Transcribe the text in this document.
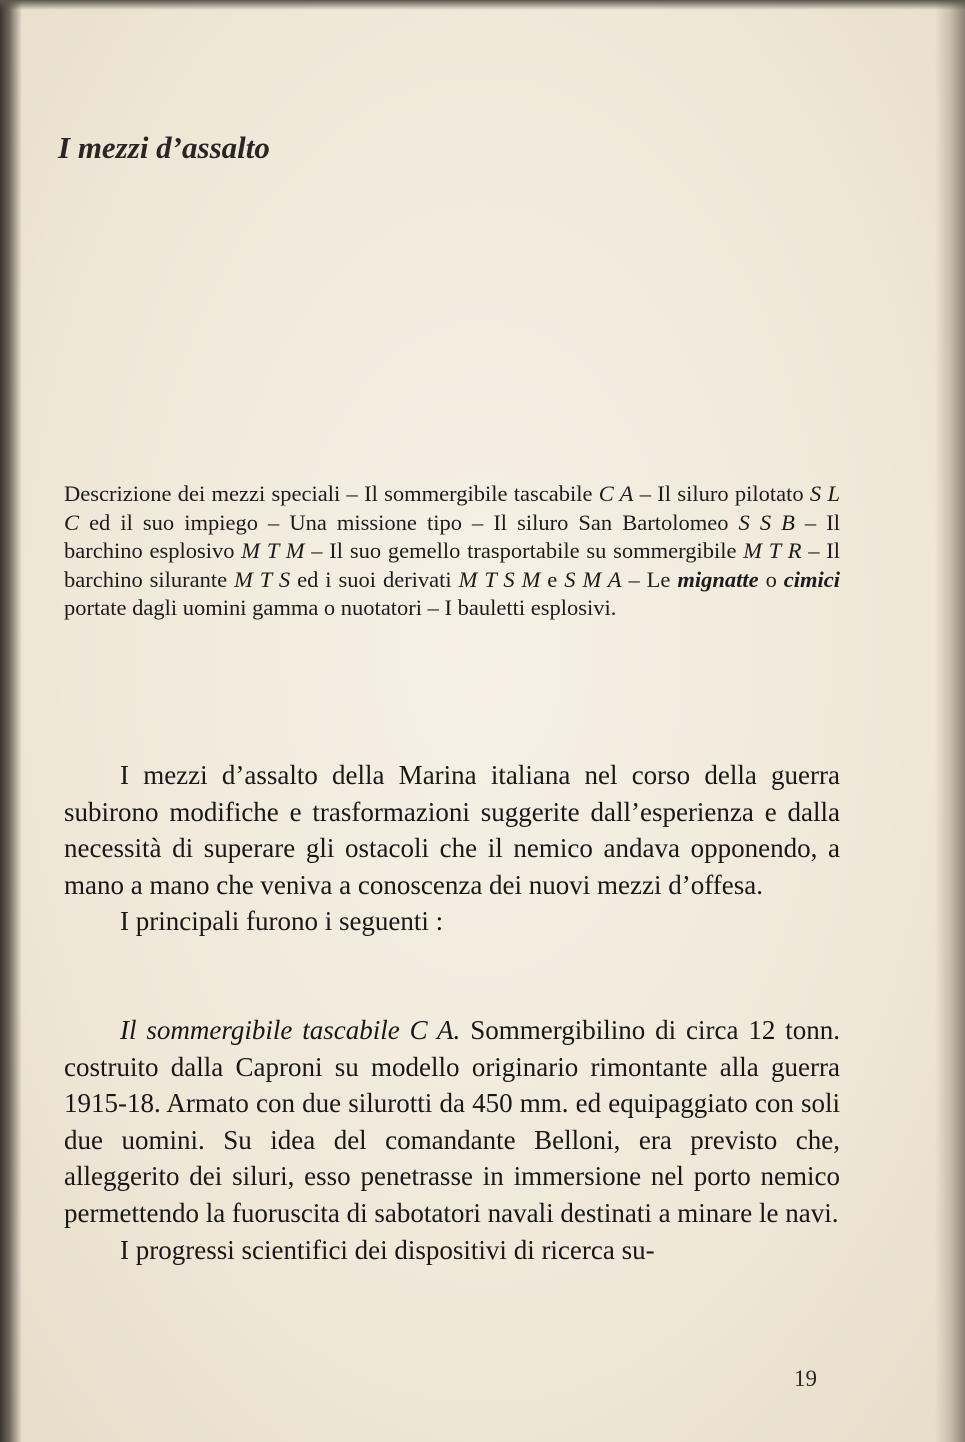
I mezzi d’assalto

Descrizione dei mezzi speciali – Il sommergibile tascabile C A – Il siluro pilotato S L C ed il suo impiego – Una missione tipo – Il siluro San Bartolomeo S S B – Il barchino esplosivo M T M – Il suo gemello trasportabile su sommergibile M T R – Il barchino silurante M T S ed i suoi derivati M T S M e S M A – Le mignatte o cimici portate dagli uomini gamma o nuotatori – I bauletti esplosivi.

I mezzi d’assalto della Marina italiana nel corso della guerra subirono modifiche e trasformazioni suggerite dall’esperienza e dalla necessità di superare gli ostacoli che il nemico andava opponendo, a mano a mano che veniva a conoscenza dei nuovi mezzi d’offesa.

I principali furono i seguenti :

Il sommergibile tascabile C A. Sommergibilino di circa 12 tonn. costruito dalla Caproni su modello originario rimontante alla guerra 1915-18. Armato con due silurotti da 450 mm. ed equipaggiato con soli due uomini. Su idea del comandante Belloni, era previsto che, alleggerito dei siluri, esso penetrasse in immersione nel porto nemico permettendo la fuoruscita di sabotatori navali destinati a minare le navi.

I progressi scientifici dei dispositivi di ricerca su-

19
